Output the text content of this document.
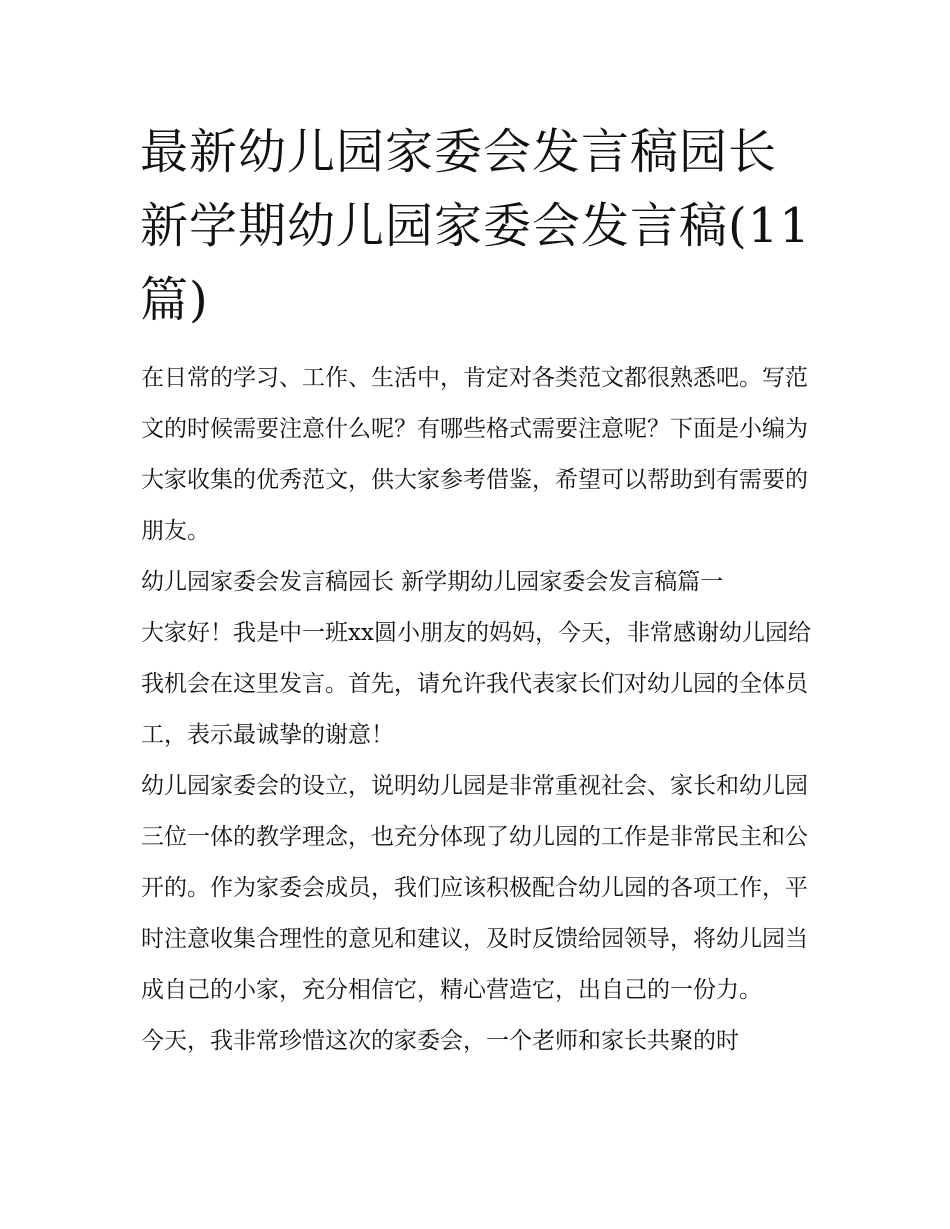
最新幼儿园家委会发言稿园长
新学期幼儿园家委会发言稿(11
篇)

在日常的学习、工作、生活中，肯定对各类范文都很熟悉吧。写范文的时候需要注意什么呢？有哪些格式需要注意呢？下面是小编为大家收集的优秀范文，供大家参考借鉴，希望可以帮助到有需要的朋友。

幼儿园家委会发言稿园长 新学期幼儿园家委会发言稿篇一

大家好！我是中一班xx圆小朋友的妈妈，今天，非常感谢幼儿园给我机会在这里发言。首先，请允许我代表家长们对幼儿园的全体员工，表示最诚挚的谢意！

幼儿园家委会的设立，说明幼儿园是非常重视社会、家长和幼儿园三位一体的教学理念，也充分体现了幼儿园的工作是非常民主和公开的。作为家委会成员，我们应该积极配合幼儿园的各项工作，平时注意收集合理性的意见和建议，及时反馈给园领导，将幼儿园当成自己的小家，充分相信它，精心营造它，出自己的一份力。

今天，我非常珍惜这次的家委会，一个老师和家长共聚的时
